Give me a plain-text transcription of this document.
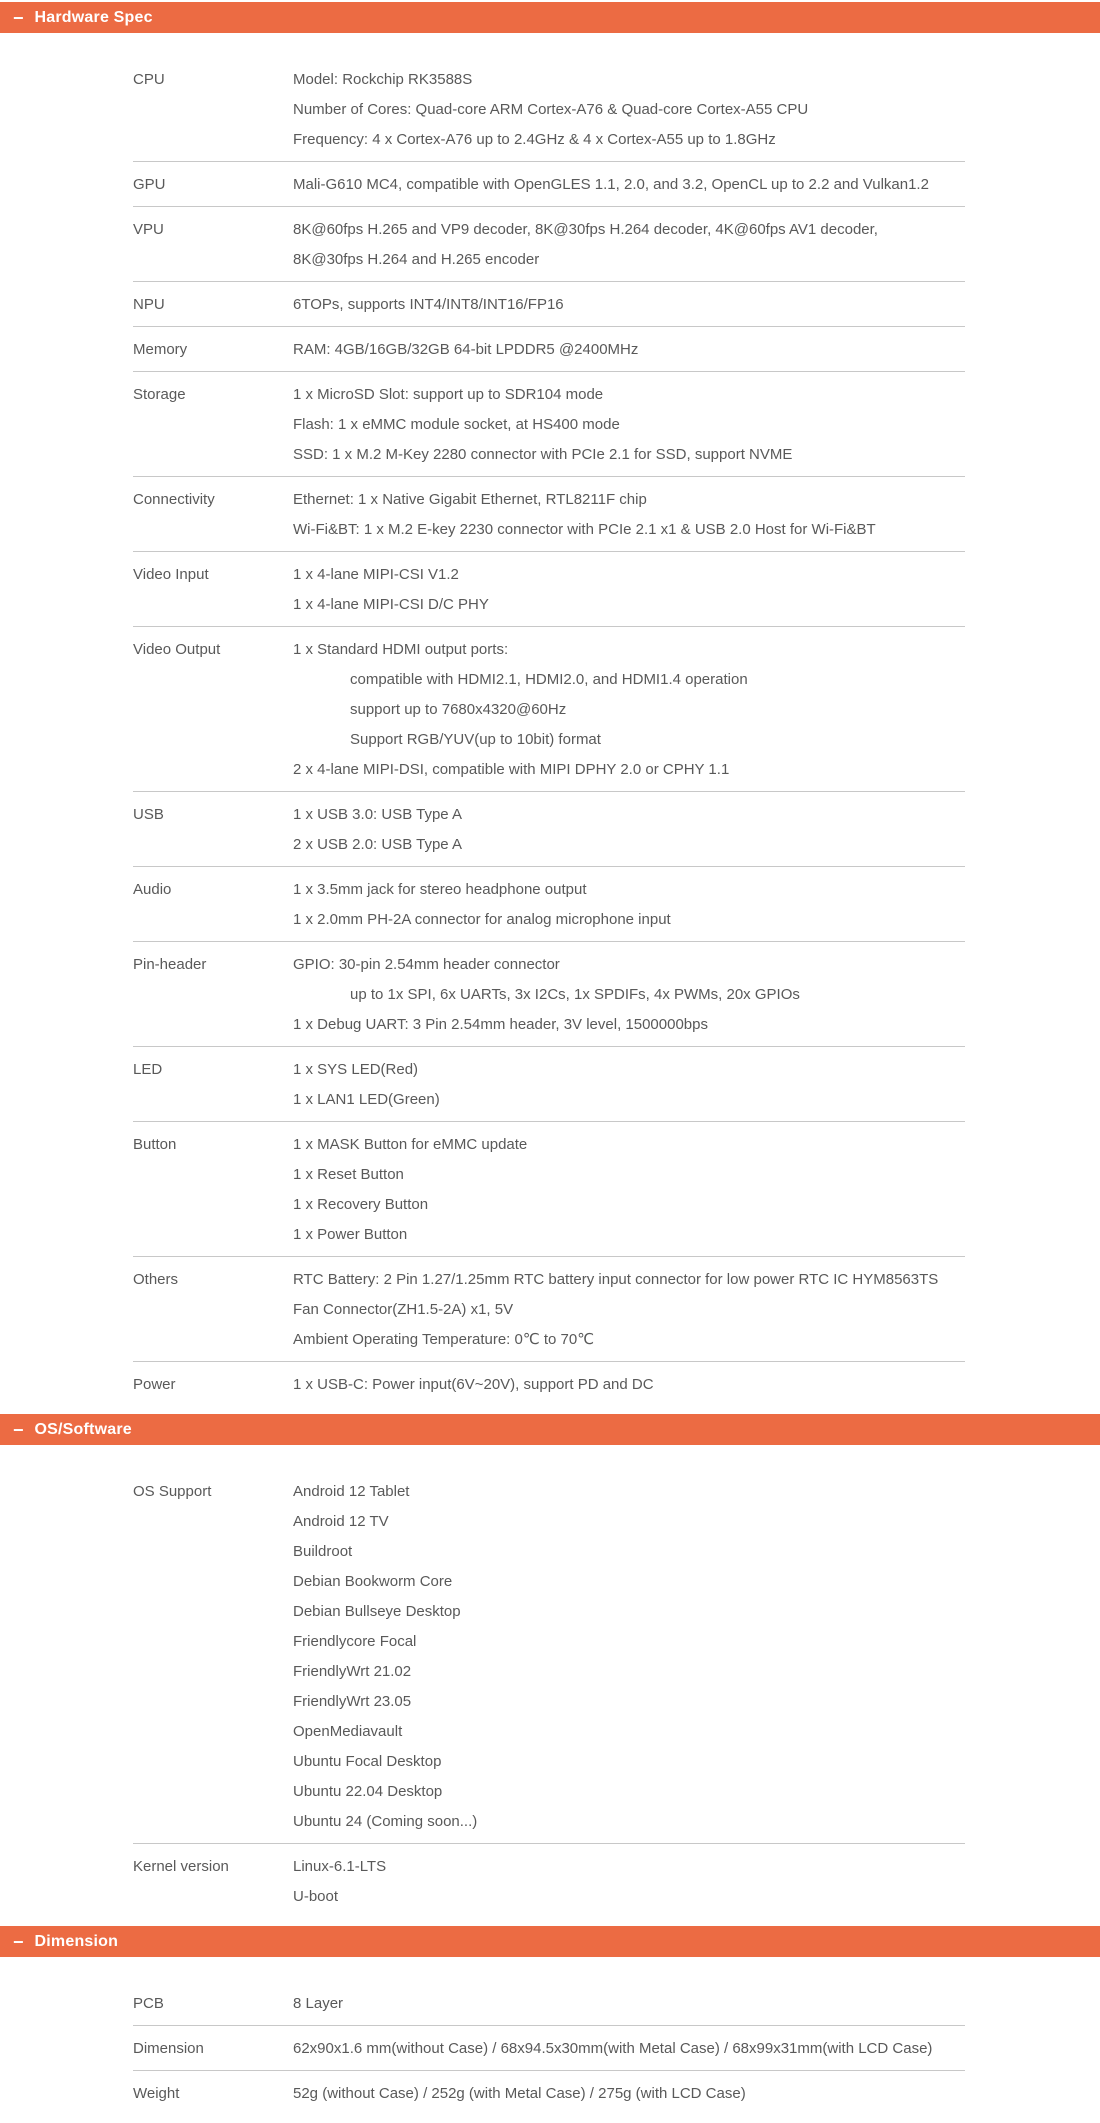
− Hardware Spec
CPU	Model: Rockchip RK3588S
Number of Cores: Quad-core ARM Cortex-A76 & Quad-core Cortex-A55 CPU
Frequency: 4 x Cortex-A76 up to 2.4GHz & 4 x Cortex-A55 up to 1.8GHz
GPU	Mali-G610 MC4, compatible with OpenGLES 1.1, 2.0, and 3.2, OpenCL up to 2.2 and Vulkan1.2
VPU	8K@60fps H.265 and VP9 decoder, 8K@30fps H.264 decoder, 4K@60fps AV1 decoder,
8K@30fps H.264 and H.265 encoder
NPU	6TOPs, supports INT4/INT8/INT16/FP16
Memory	RAM: 4GB/16GB/32GB 64-bit LPDDR5 @2400MHz
Storage	1 x MicroSD Slot: support up to SDR104 mode
Flash: 1 x eMMC module socket, at HS400 mode
SSD: 1 x M.2 M-Key 2280 connector with PCIe 2.1 for SSD, support NVME
Connectivity	Ethernet: 1 x Native Gigabit Ethernet, RTL8211F chip
Wi-Fi&BT: 1 x M.2 E-key 2230 connector with PCIe 2.1 x1 & USB 2.0 Host for Wi-Fi&BT
Video Input	1 x 4-lane MIPI-CSI V1.2
1 x 4-lane MIPI-CSI D/C PHY
Video Output	1 x Standard HDMI output ports:
compatible with HDMI2.1, HDMI2.0, and HDMI1.4 operation
support up to 7680x4320@60Hz
Support RGB/YUV(up to 10bit) format
2 x 4-lane MIPI-DSI, compatible with MIPI DPHY 2.0 or CPHY 1.1
USB	1 x USB 3.0: USB Type A
2 x USB 2.0: USB Type A
Audio	1 x 3.5mm jack for stereo headphone output
1 x 2.0mm PH-2A connector for analog microphone input
Pin-header	GPIO: 30-pin 2.54mm header connector
up to 1x SPI, 6x UARTs, 3x I2Cs, 1x SPDIFs, 4x PWMs, 20x GPIOs
1 x Debug UART: 3 Pin 2.54mm header, 3V level, 1500000bps
LED	1 x SYS LED(Red)
1 x LAN1 LED(Green)
Button	1 x MASK Button for eMMC update
1 x Reset Button
1 x Recovery Button
1 x Power Button
Others	RTC Battery: 2 Pin 1.27/1.25mm RTC battery input connector for low power RTC IC HYM8563TS
Fan Connector(ZH1.5-2A) x1, 5V
Ambient Operating Temperature: 0℃ to 70℃
Power	1 x USB-C: Power input(6V~20V), support PD and DC
− OS/Software
OS Support	Android 12 Tablet
Android 12 TV
Buildroot
Debian Bookworm Core
Debian Bullseye Desktop
Friendlycore Focal
FriendlyWrt 21.02
FriendlyWrt 23.05
OpenMediavault
Ubuntu Focal Desktop
Ubuntu 22.04 Desktop
Ubuntu 24 (Coming soon...)
Kernel version	Linux-6.1-LTS
U-boot
− Dimension
PCB	8 Layer
Dimension	62x90x1.6 mm(without Case) / 68x94.5x30mm(with Metal Case) / 68x99x31mm(with LCD Case)
Weight	52g (without Case) / 252g (with Metal Case) / 275g (with LCD Case)
